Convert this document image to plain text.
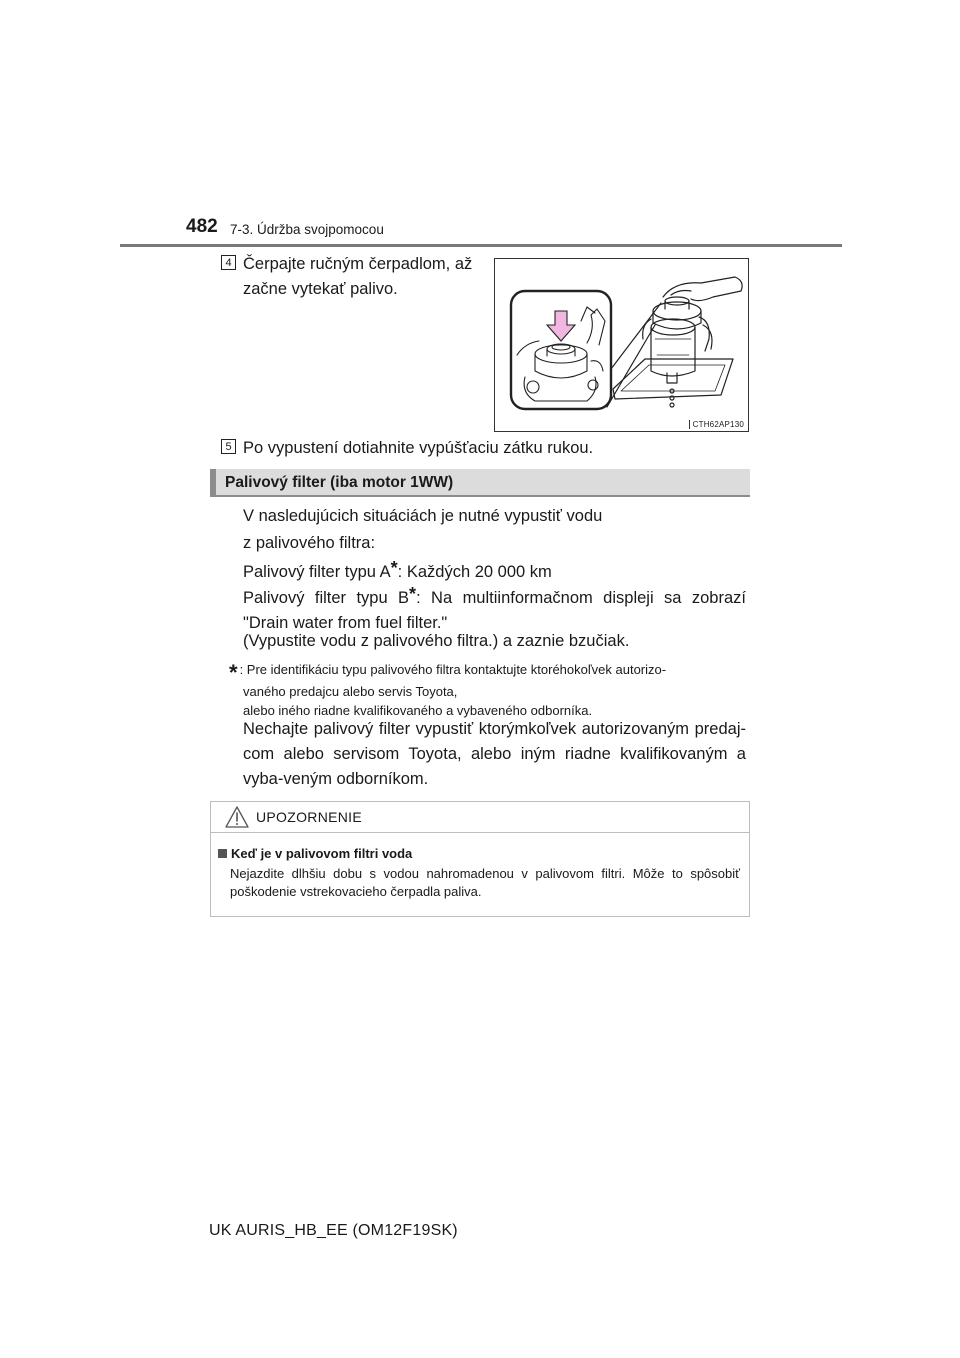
482 7-3. Údržba svojpomocou
4 Čerpajte ručným čerpadlom, až začne vytekať palivo.
CTH62AP130
5 Po vypustení dotiahnite vypúšťaciu zátku rukou.
Palivový filter (iba motor 1WW)
V nasledujúcich situáciách je nutné vypustiť vodu
z palivového filtra:
Palivový filter typu A*: Každých 20 000 km
Palivový filter typu B*: Na multiinformačnom displeji sa zobrazí "Drain water from fuel filter."
(Vypustite vodu z palivového filtra.) a zaznie bzučiak.
* : Pre identifikáciu typu palivového filtra kontaktujte ktoréhokoľvek autorizo-
vaného predajcu alebo servis Toyota,
alebo iného riadne kvalifikovaného a vybaveného odborníka.
Nechajte palivový filter vypustiť ktorýmkoľvek autorizovaným predaj-com alebo servisom Toyota, alebo iným riadne kvalifikovaným a vyba-veným odborníkom.
UPOZORNENIE
Keď je v palivovom filtri voda
Nejazdite dlhšiu dobu s vodou nahromadenou v palivovom filtri. Môže to spôsobiť poškodenie vstrekovacieho čerpadla paliva.
UK AURIS_HB_EE (OM12F19SK)
